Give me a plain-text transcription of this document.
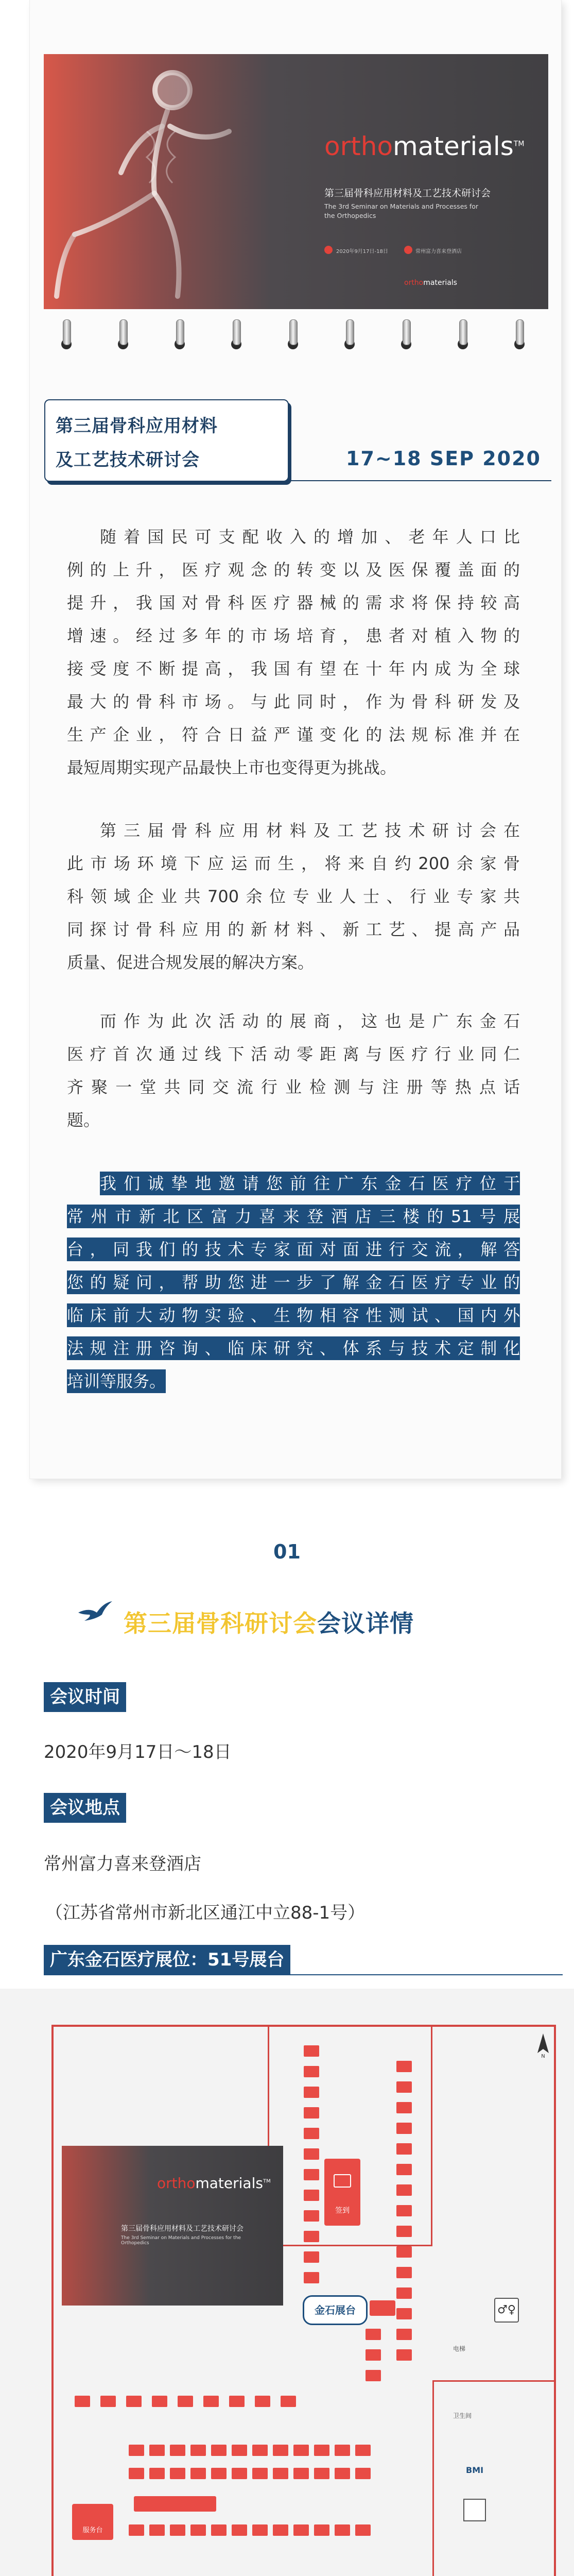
orthomaterials™
第三届骨科应用材料及工艺技术研讨会
The 3rd Seminar on Materials and Processes for
the Orthopedics
2020年9月17日-18日	常州富力喜来登酒店
orthomaterials
第三届骨科应用材料
及工艺技术研讨会	17~18 SEP 2020
随着国民可支配收入的增加、老年人口比
例的上升，医疗观念的转变以及医保覆盖面的
提升，我国对骨科医疗器械的需求将保持较高
增速。经过多年的市场培育，患者对植入物的
接受度不断提高，我国有望在十年内成为全球
最大的骨科市场。与此同时，作为骨科研发及
生产企业，符合日益严谨变化的法规标准并在
最短周期实现产品最快上市也变得更为挑战。
第三届骨科应用材料及工艺技术研讨会在
此市场环境下应运而生，将来自约200余家骨
科领域企业共700余位专业人士、行业专家共
同探讨骨科应用的新材料、新工艺、提高产品
质量、促进合规发展的解决方案。
而作为此次活动的展商，这也是广东金石
医疗首次通过线下活动零距离与医疗行业同仁
齐聚一堂共同交流行业检测与注册等热点话
题。
我们诚挚地邀请您前往广东金石医疗位于
常州市新北区富力喜来登酒店三楼的51号展
台，同我们的技术专家面对面进行交流，解答
您的疑问，帮助您进一步了解金石医疗专业的
临床前大动物实验、生物相容性测试、国内外
法规注册咨询、临床研究、体系与技术定制化
培训等服务。
01
第三届骨科研讨会会议详情
会议时间
2020年9月17日～18日
会议地点
常州富力喜来登酒店
（江苏省常州市新北区通江中立88-1号）
广东金石医疗展位：51号展台
orthomaterials™
第三届骨科应用材料及工艺技术研讨会
The 3rd Seminar on Materials and Processes for the Orthopedics
签到
服务台
金石展台
N
电梯
卫生间
♂♀
BMI
